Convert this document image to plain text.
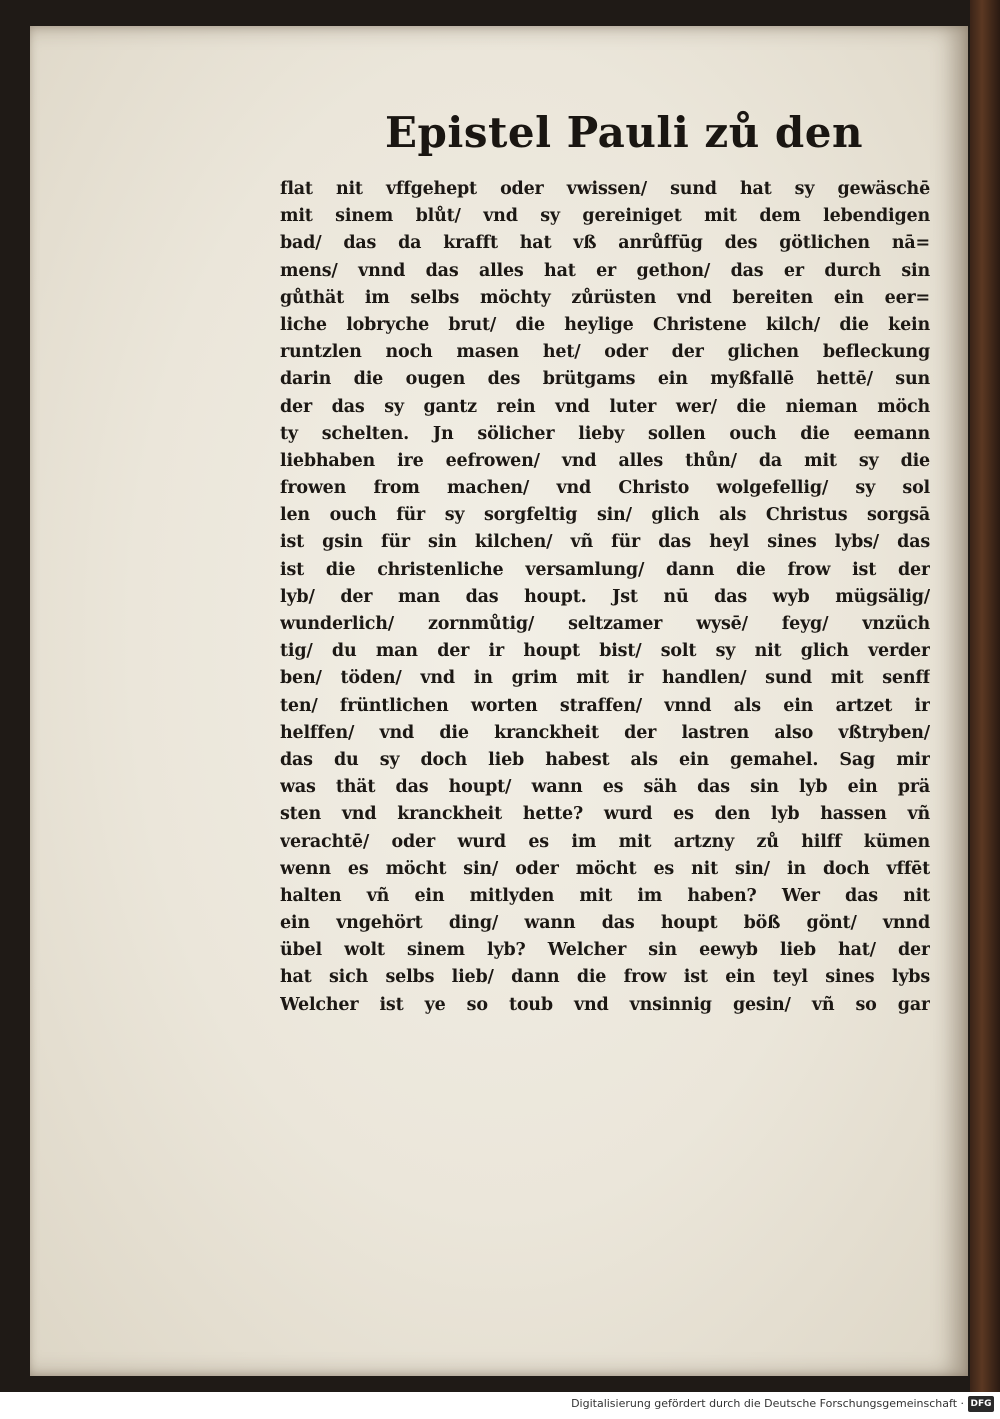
Epistel Pauli zů den
flat nit vffgehept oder vwissen/ sund hat sy gewäschē
mit sinem blůt/ vnd sy gereiniget mit dem lebendigen
bad/ das da krafft hat vß anrůffūg des götlichen nā=
mens/ vnnd das alles hat er gethon/ das er durch sin
gůthät im selbs möchty zůrüsten vnd bereiten ein eer=
liche lobryche brut/ die heylige Christene kilch/ die kein
runtzlen noch masen het/ oder der glichen befleckung
darin die ougen des brütgams ein myßfallē hettē/ sun
der das sy gantz rein vnd luter wer/ die nieman möch
ty schelten. Jn sölicher lieby sollen ouch die eemann
liebhaben ire eefrowen/ vnd alles thůn/ da mit sy die
frowen from machen/ vnd Christo wolgefellig/ sy sol
len ouch für sy sorgfeltig sin/ glich als Christus sorgsā
ist gsin für sin kilchen/ vñ für das heyl sines lybs/ das
ist die christenliche versamlung/ dann die frow ist der
lyb/ der man das houpt. Jst nū das wyb mügsälig/
wunderlich/ zornmůtig/ seltzamer wysē/ feyg/ vnzüch
tig/ du man der ir houpt bist/ solt sy nit glich verder
ben/ töden/ vnd in grim mit ir handlen/ sund mit senff
ten/ früntlichen worten straffen/ vnnd als ein artzet ir
helffen/ vnd die kranckheit der lastren also vßtryben/
das du sy doch lieb habest als ein gemahel. Sag mir
was thät das houpt/ wann es säh das sin lyb ein prä
sten vnd kranckheit hette? wurd es den lyb hassen vñ
verachtē/ oder wurd es im mit artzny zů hilff kümen
wenn es möcht sin/ oder möcht es nit sin/ in doch vffēt
halten vñ ein mitlyden mit im haben? Wer das nit
ein vngehört ding/ wann das houpt böß gönt/ vnnd
übel wolt sinem lyb? Welcher sin eewyb lieb hat/ der
hat sich selbs lieb/ dann die frow ist ein teyl sines lybs
Welcher ist ye so toub vnd vnsinnig gesin/ vñ so gar
Digitalisierung gefördert durch die Deutsche Forschungsgemeinschaft · DFG
